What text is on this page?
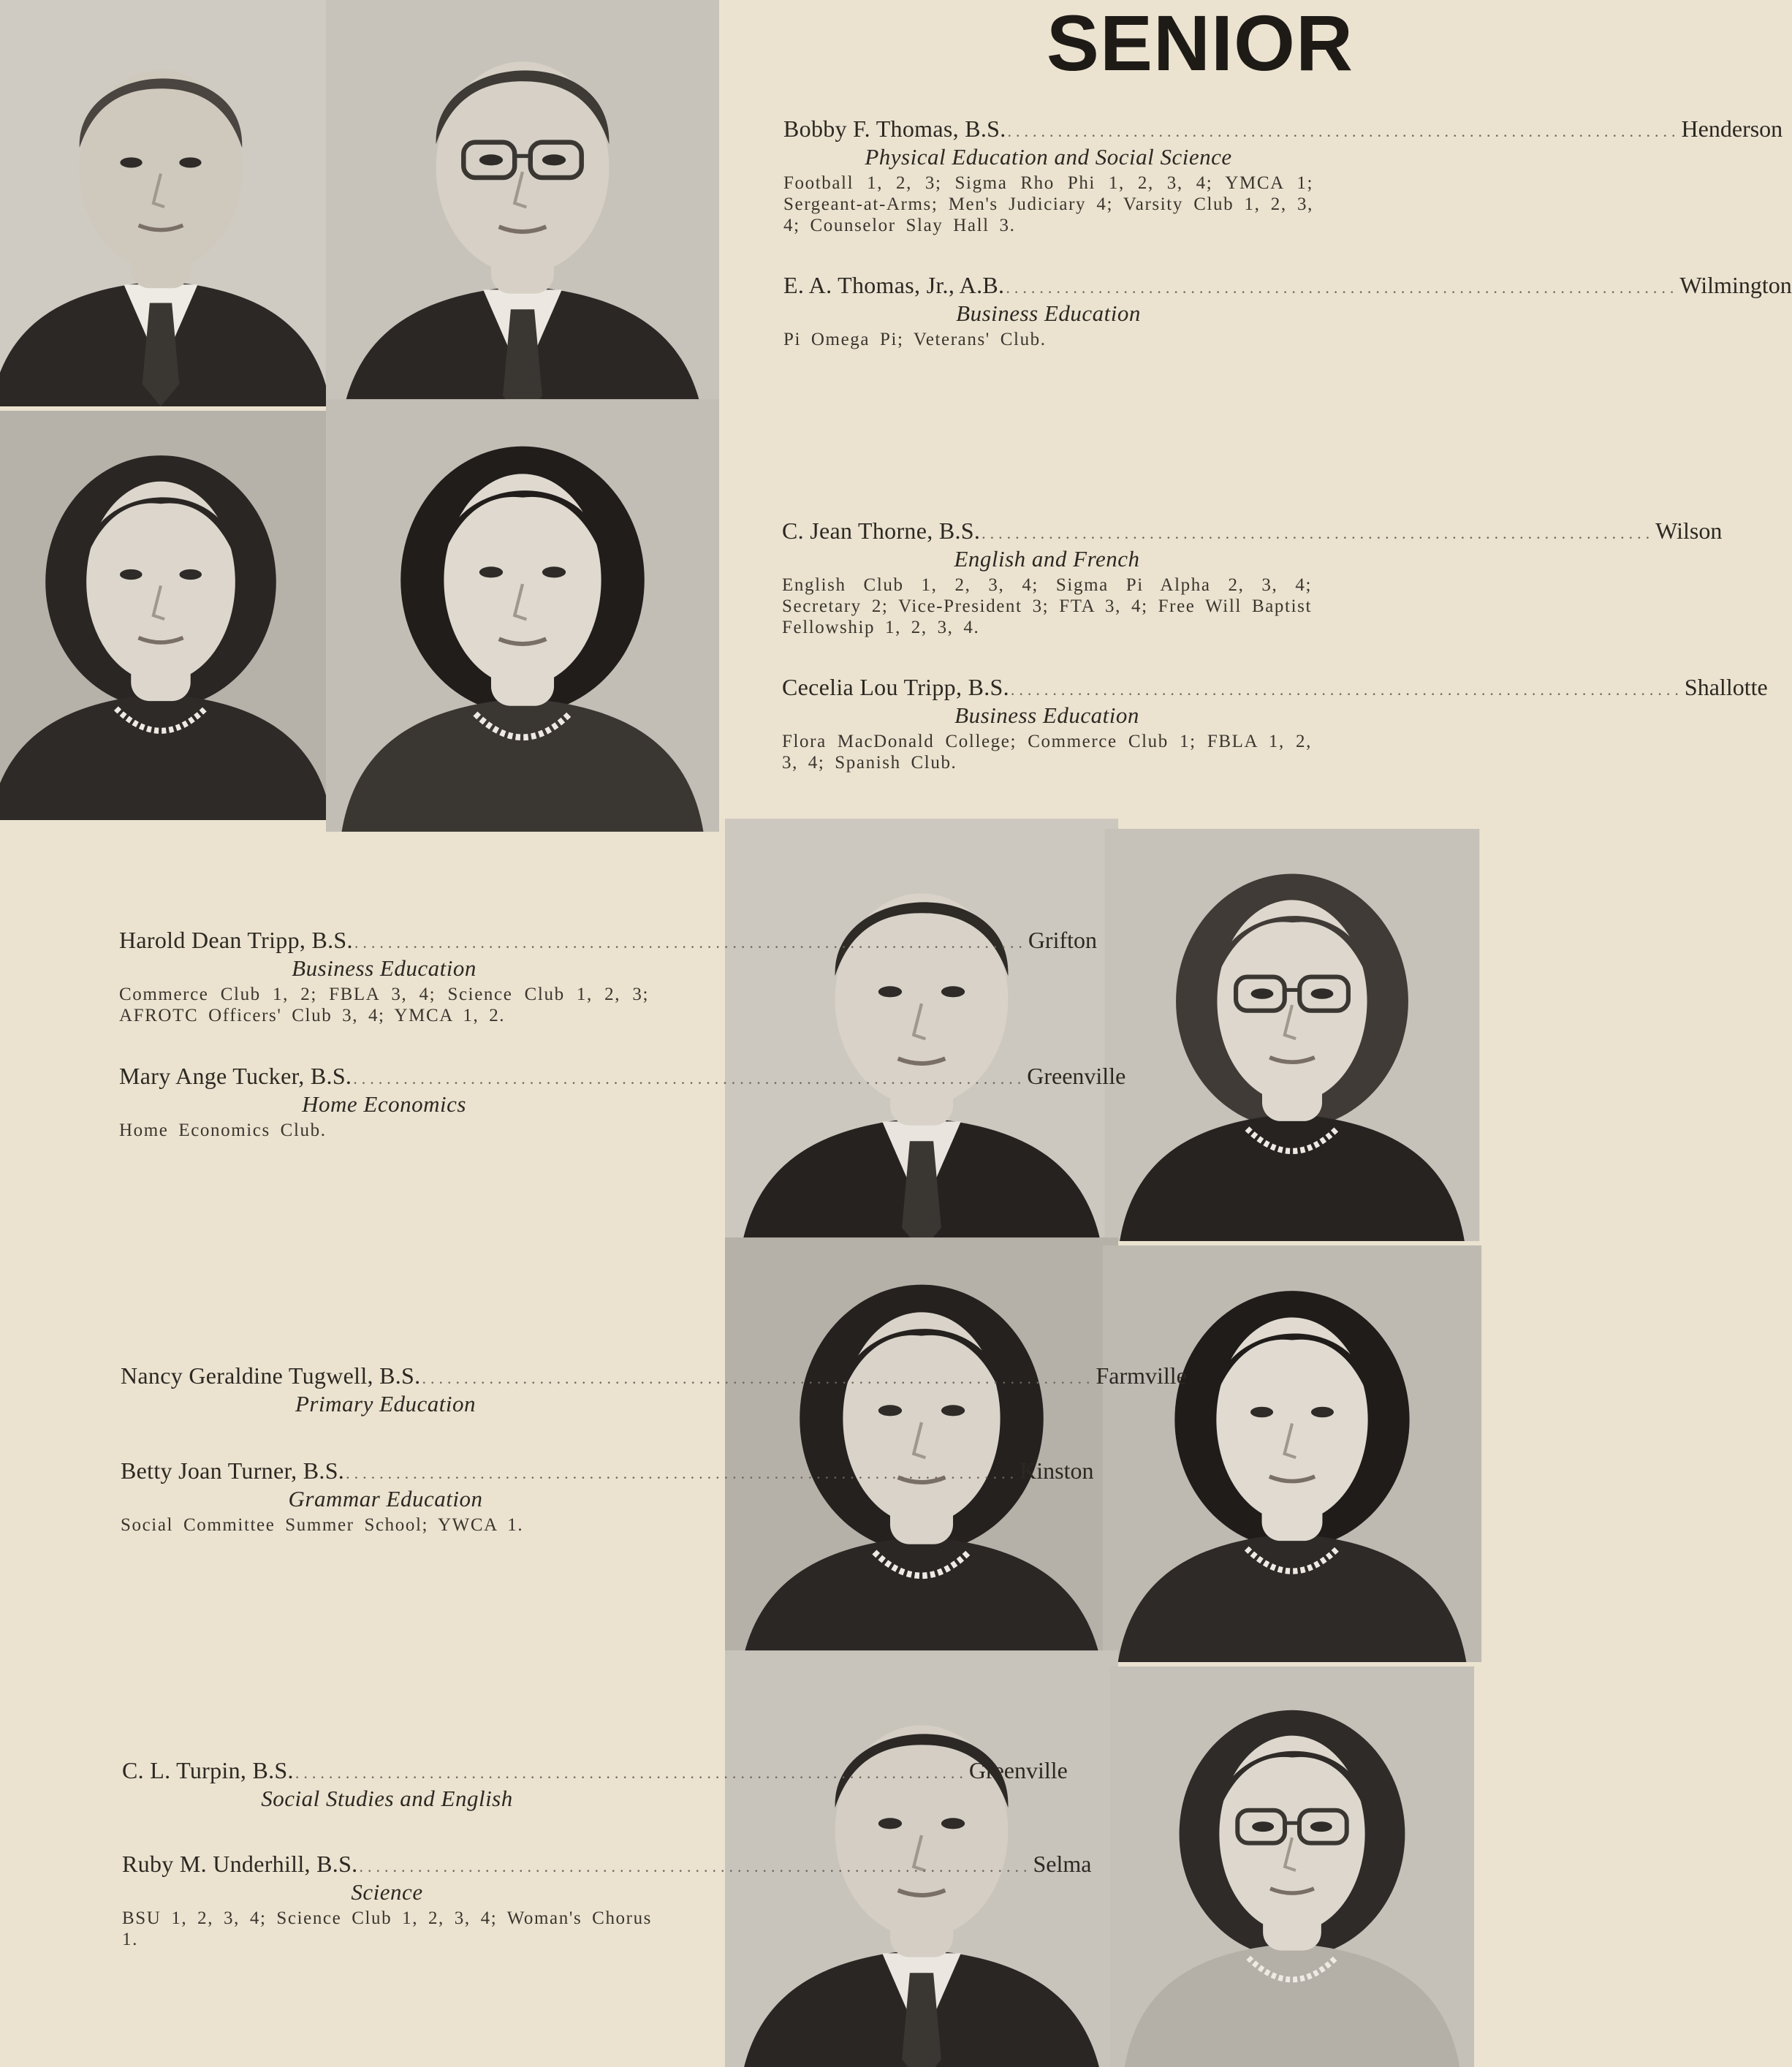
SENIOR
Bobby F. Thomas, B.S. ................................................................................ Henderson
Physical Education and Social Science
Football 1, 2, 3; Sigma Rho Phi 1, 2, 3, 4; YMCA 1; Sergeant-at-Arms; Men's Judiciary 4; Varsity Club 1, 2, 3, 4; Counselor Slay Hall 3.
E. A. Thomas, Jr., A.B. ................................................................................ Wilmington
Business Education
Pi Omega Pi; Veterans' Club.
C. Jean Thorne, B.S. ................................................................................ Wilson
English and French
English Club 1, 2, 3, 4; Sigma Pi Alpha 2, 3, 4; Secretary 2; Vice-President 3; FTA 3, 4; Free Will Baptist Fellowship 1, 2, 3, 4.
Cecelia Lou Tripp, B.S. ................................................................................ Shallotte
Business Education
Flora MacDonald College; Commerce Club 1; FBLA 1, 2, 3, 4; Spanish Club.
Harold Dean Tripp, B.S. ................................................................................ Grifton
Business Education
Commerce Club 1, 2; FBLA 3, 4; Science Club 1, 2, 3; AFROTC Officers' Club 3, 4; YMCA 1, 2.
Mary Ange Tucker, B.S. ................................................................................ Greenville
Home Economics
Home Economics Club.
Nancy Geraldine Tugwell, B.S. ................................................................................ Farmville
Primary Education
Betty Joan Turner, B.S. ................................................................................ Kinston
Grammar Education
Social Committee Summer School; YWCA 1.
C. L. Turpin, B.S. ................................................................................ Greenville
Social Studies and English
Ruby M. Underhill, B.S. ................................................................................ Selma
Science
BSU 1, 2, 3, 4; Science Club 1, 2, 3, 4; Woman's Chorus 1.
